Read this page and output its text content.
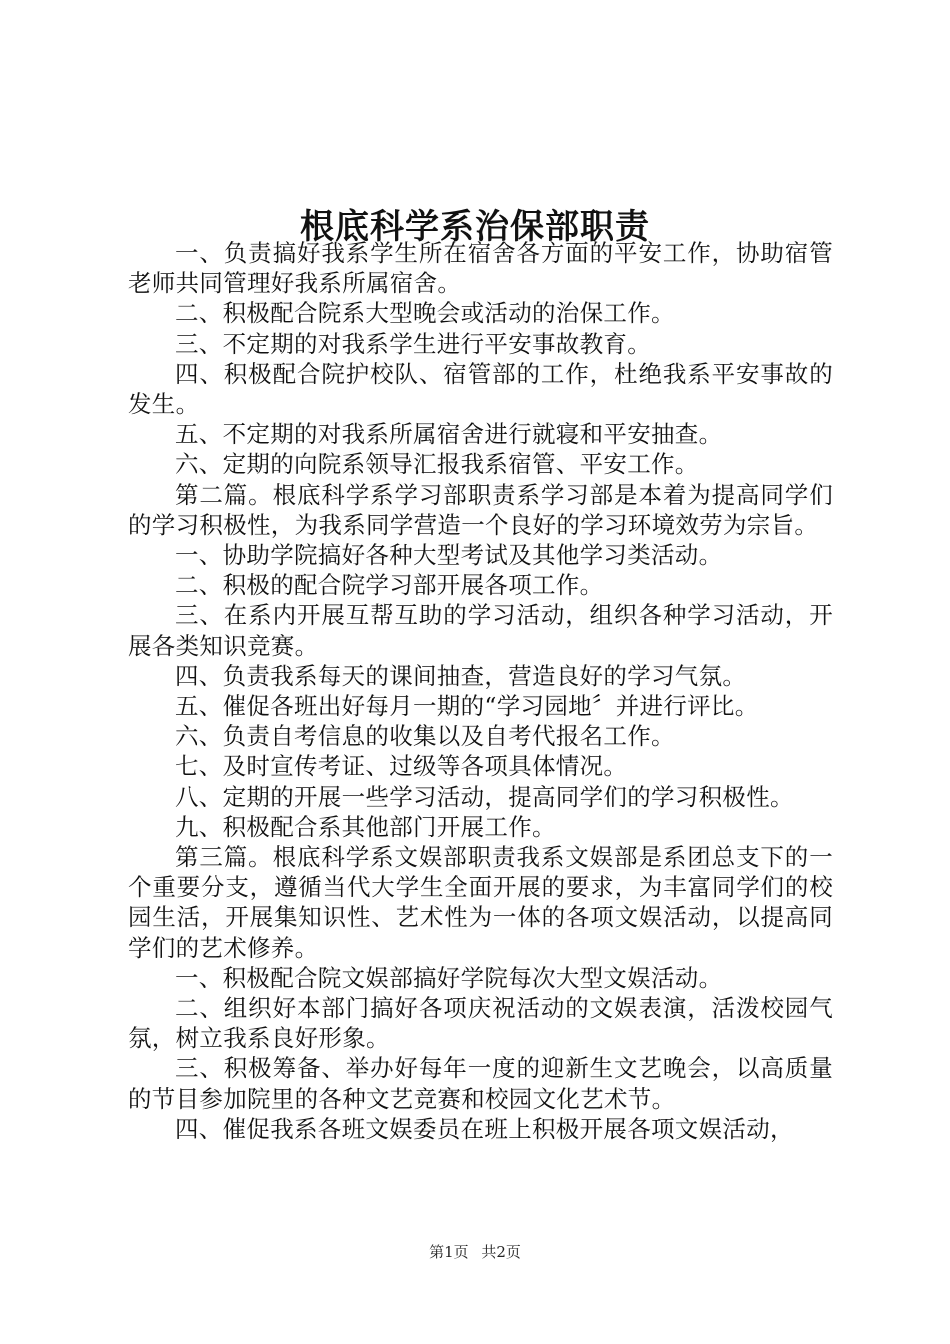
根底科学系治保部职责

一、负责搞好我系学生所在宿舍各方面的平安工作，协助宿管老师共同管理好我系所属宿舍。

二、积极配合院系大型晚会或活动的治保工作。

三、不定期的对我系学生进行平安事故教育。

四、积极配合院护校队、宿管部的工作，杜绝我系平安事故的发生。

五、不定期的对我系所属宿舍进行就寝和平安抽查。

六、定期的向院系领导汇报我系宿管、平安工作。

第二篇。根底科学系学习部职责系学习部是本着为提高同学们的学习积极性，为我系同学营造一个良好的学习环境效劳为宗旨。

一、协助学院搞好各种大型考试及其他学习类活动。

二、积极的配合院学习部开展各项工作。

三、在系内开展互帮互助的学习活动，组织各种学习活动，开展各类知识竞赛。

四、负责我系每天的课间抽查，营造良好的学习气氛。

五、催促各班出好每月一期的“学习园地〞并进行评比。

六、负责自考信息的收集以及自考代报名工作。

七、及时宣传考证、过级等各项具体情况。

八、定期的开展一些学习活动，提高同学们的学习积极性。

九、积极配合系其他部门开展工作。

第三篇。根底科学系文娱部职责我系文娱部是系团总支下的一个重要分支，遵循当代大学生全面开展的要求，为丰富同学们的校园生活，开展集知识性、艺术性为一体的各项文娱活动，以提高同学们的艺术修养。

一、积极配合院文娱部搞好学院每次大型文娱活动。

二、组织好本部门搞好各项庆祝活动的文娱表演，活泼校园气氛，树立我系良好形象。

三、积极筹备、举办好每年一度的迎新生文艺晚会，以高质量的节目参加院里的各种文艺竞赛和校园文化艺术节。

四、催促我系各班文娱委员在班上积极开展各项文娱活动，

第1页 共2页
